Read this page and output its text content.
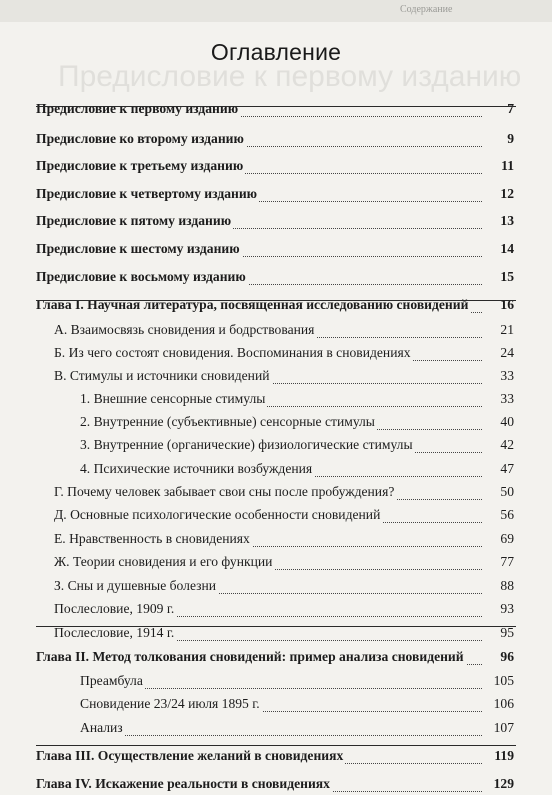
Содержание
Предисловие к первому изданию
Оглавление
Предисловие к первому изданию	7
Предисловие ко второму изданию	9
Предисловие к третьему изданию	11
Предисловие к четвертому изданию	12
Предисловие к пятому изданию	13
Предисловие к шестому изданию	14
Предисловие к восьмому изданию	15
Глава I. Научная литература, посвященная исследованию сновидений	16
А. Взаимосвязь сновидения и бодрствования	21
Б. Из чего состоят сновидения. Воспоминания в сновидениях	24
В. Стимулы и источники сновидений	33
1. Внешние сенсорные стимулы	33
2. Внутренние (субъективные) сенсорные стимулы	40
3. Внутренние (органические) физиологические стимулы	42
4. Психические источники возбуждения	47
Г. Почему человек забывает свои сны после пробуждения?	50
Д. Основные психологические особенности сновидений	56
Е. Нравственность в сновидениях	69
Ж. Теории сновидения и его функции	77
З. Сны и душевные болезни	88
Послесловие, 1909 г.	93
Послесловие, 1914 г.	95
Глава II. Метод толкования сновидений: пример анализа сновидений	96
Преамбула	105
Сновидение 23/24 июля 1895 г.	106
Анализ	107
Глава III. Осуществление желаний в сновидениях	119
Глава IV. Искажение реальности в сновидениях	129
